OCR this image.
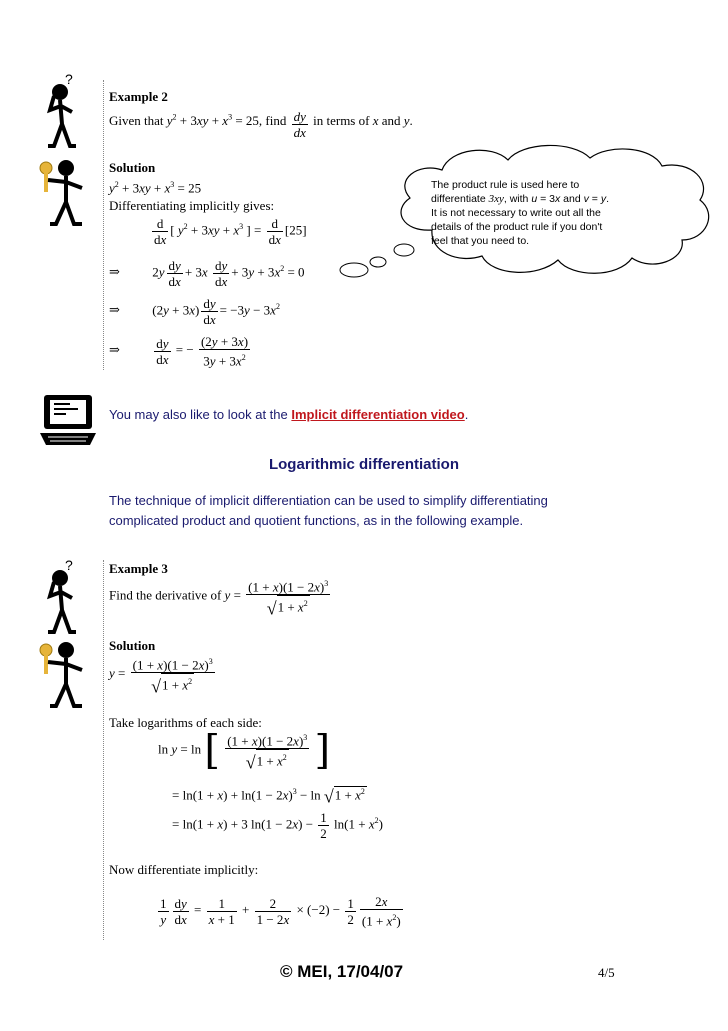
?
?
Example 2
Given that $y^2 + 3xy + x^3 = 25$, find $\frac{dy}{dx}$ in terms of x and y.
Solution
$y^2 + 3xy + x^3 = 25$
Differentiating implicitly gives:
$\frac{d}{dx}$ [ $y^2 + 3xy + x^3$ ] = $\frac{d}{dx} [25]$
⇒ $2y \frac{dy}{dx} + 3x \frac{dy}{dx} + 3y + 3x^2 = 0$
⇒ $(2y + 3x) \frac{dy}{dx} = -3y - 3x^2$
⇒	$\frac{dy}{dx}$ = − $\frac{(2y + 3x)}{3y + 3x^2}$
The product rule is used here to
differentiate 3xy, with u = 3x and v = y.
It is not necessary to write out all the
details of the product rule if you don't
feel that you need to.
You may also like to look at the Implicit differentiation video.
Logarithmic differentiation
The technique of implicit differentiation can be used to simplify differentiating
complicated product and quotient functions, as in the following example.
Example 3
Find the derivative of $y = \frac{(1 + x)(1 - 2x)^3}{√1 + x^2}$
Solution
$y = \frac{(1 + x)(1 - 2x)^3}{√1 + x^2}$
Take logarithms of each side:
ln y = ln [ $\frac{(1 + x)(1 - 2x)^3}{√1 + x^2}$ ]
= $\ln(1 + x) + \ln(1 - 2x)^3 - \ln √1 + x^2$
= ln(1 + x) + 3 $\ln(1 - 2x) - \frac{1}{2} \ln(1 + x^2)$
Now differentiate implicitly:
$\frac{1}{y} \frac{dy}{dx} = \frac{1}{x + 1} + \frac{2}{1 - 2x} \times (-2) - \frac{1}{2} \frac{2x}{(1 + x^2)}$
© MEI, 17/04/07	4/5
